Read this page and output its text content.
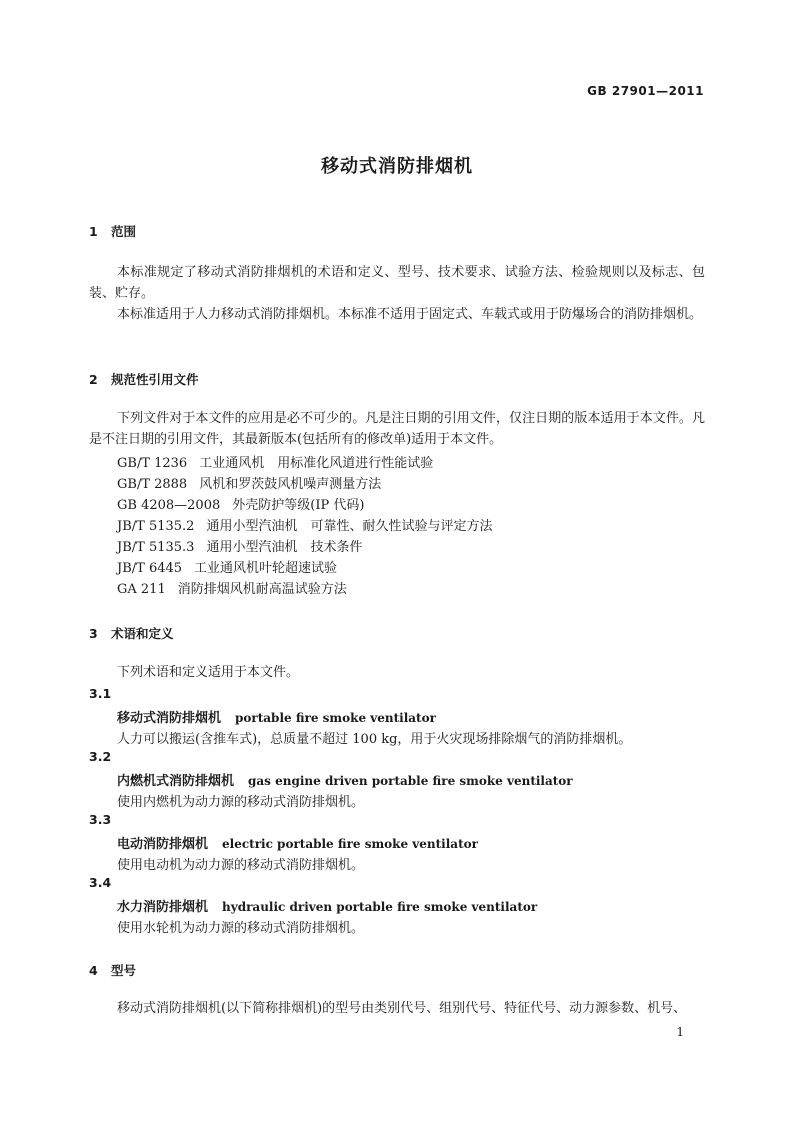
GB 27901—2011
移动式消防排烟机
1 范围
本标准规定了移动式消防排烟机的术语和定义、型号、技术要求、试验方法、检验规则以及标志、包装、贮存。
本标准适用于人力移动式消防排烟机。本标准不适用于固定式、车载式或用于防爆场合的消防排烟机。
2 规范性引用文件
下列文件对于本文件的应用是必不可少的。凡是注日期的引用文件，仅注日期的版本适用于本文件。凡是不注日期的引用文件，其最新版本(包括所有的修改单)适用于本文件。
GB/T 1236 工业通风机　用标准化风道进行性能试验
GB/T 2888 风机和罗茨鼓风机噪声测量方法
GB 4208—2008 外壳防护等级(IP 代码)
JB/T 5135.2 通用小型汽油机　可靠性、耐久性试验与评定方法
JB/T 5135.3 通用小型汽油机　技术条件
JB/T 6445 工业通风机叶轮超速试验
GA 211 消防排烟风机耐高温试验方法
3 术语和定义
下列术语和定义适用于本文件。
3.1
移动式消防排烟机 portable fire smoke ventilator
人力可以搬运(含推车式)，总质量不超过 100 kg，用于火灾现场排除烟气的消防排烟机。
3.2
内燃机式消防排烟机 gas engine driven portable fire smoke ventilator
使用内燃机为动力源的移动式消防排烟机。
3.3
电动消防排烟机 electric portable fire smoke ventilator
使用电动机为动力源的移动式消防排烟机。
3.4
水力消防排烟机 hydraulic driven portable fire smoke ventilator
使用水轮机为动力源的移动式消防排烟机。
4 型号
移动式消防排烟机(以下简称排烟机)的型号由类别代号、组别代号、特征代号、动力源参数、机号、
1
